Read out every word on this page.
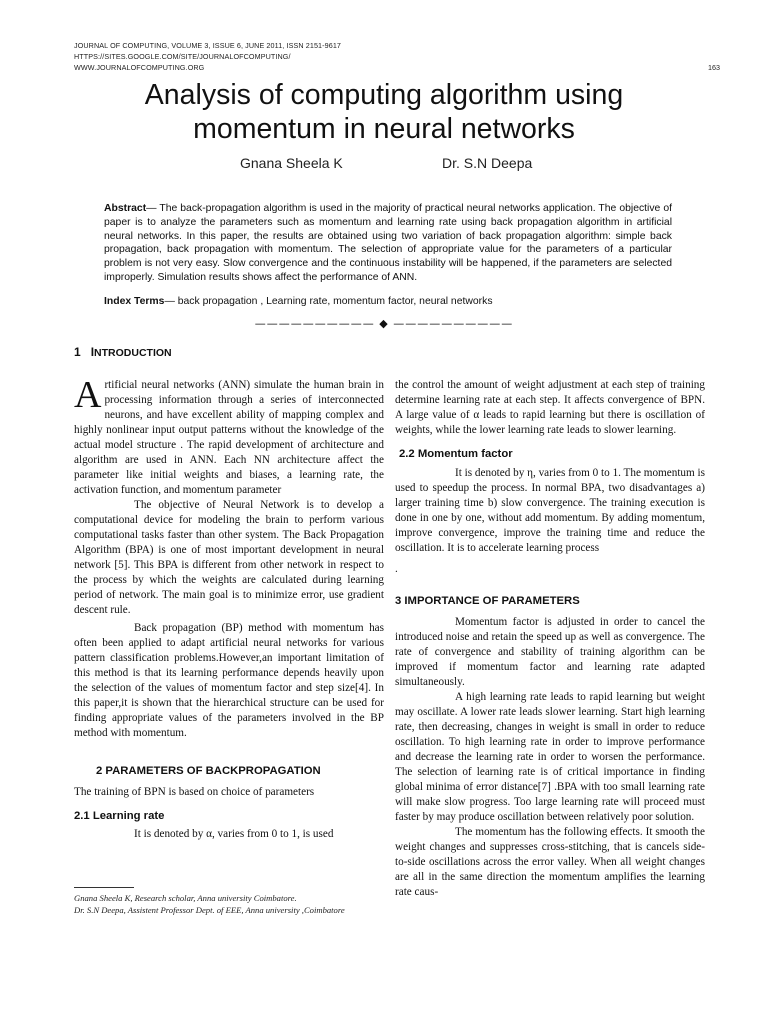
JOURNAL OF COMPUTING, VOLUME 3, ISSUE 6, JUNE 2011, ISSN 2151-9617
HTTPS://SITES.GOOGLE.COM/SITE/JOURNALOFCOMPUTING/
WWW.JOURNALOFCOMPUTING.ORG	163
Analysis of computing algorithm using
momentum in neural networks
Gnana Sheela K	Dr. S.N Deepa

Abstract— The back-propagation algorithm is used in the majority of practical neural networks application. The objective of paper is to analyze the parameters such as momentum and learning rate using back propagation algorithm in artificial neural networks. In this paper, the results are obtained using two variation of back propagation algorithm: simple back propagation, back propagation with momentum. The selection of appropriate value for the parameters of a particular problem is not very easy. Slow convergence and the continuous instability will be happened, if the parameters are selected improperly. Simulation results shows affect the performance of ANN.

Index Terms— back propagation , Learning rate, momentum factor, neural networks

—————————— ◆ ——————————
1 INTRODUCTION

Artificial neural networks (ANN) simulate the human brain in processing information through a series of interconnected neurons, and have excellent ability of mapping complex and highly nonlinear input output patterns without the knowledge of the actual model structure . The rapid development of architecture and algorithm are used in ANN. Each NN architecture affect the parameter like initial weights and biases, a learning rate, the activation function, and momentum parameter

The objective of Neural Network is to develop a computational device for modeling the brain to perform various computational tasks faster than other system. The Back Propagation Algorithm (BPA) is one of most important development in neural network [5]. This BPA is different from other network in respect to the process by which the weights are calculated during learning period of network. The main goal is to minimize error, use gradient descent rule.

Back propagation (BP) method with momentum has often been applied to adapt artificial neural networks for various pattern classification problems.However,an important limitation of this method is that its learning performance depends heavily upon the selection of the values of momentum factor and step size[4]. In this paper,it is shown that the hierarchical structure can be used for finding appropriate values of the parameters involved in the BP method with momentum.

2 PARAMETERS OF BACKPROPAGATION

The training of BPN is based on choice of parameters

2.1 Learning rate

It is denoted by α, varies from 0 to 1, is used

Gnana Sheela K, Research scholar, Anna university Coimbatore.
Dr. S.N Deepa, Assistent Professor Dept. of EEE, Anna university ,Coimbatore

the control the amount of weight adjustment at each step of training determine learning rate at each step. It affects convergence of BPN. A large value of α leads to rapid learning but there is oscillation of weights, while the lower learning rate leads to slower learning.

2.2 Momentum factor

It is denoted by η, varies from 0 to 1. The momentum is used to speedup the process. In normal BPA, two disadvantages a) larger training time b) slow convergence. The training execution is done in one by one, without add momentum. By adding momentum, improve convergence, improve the training time and reduce the oscillation. It is to accelerate learning process

.

3 IMPORTANCE OF PARAMETERS

Momentum factor is adjusted in order to cancel the introduced noise and retain the speed up as well as convergence. The rate of convergence and stability of training algorithm can be improved if momentum factor and learning rate adapted simultaneously.

A high learning rate leads to rapid learning but weight may oscillate. A lower rate leads slower learning. Start high learning rate, then decreasing, changes in weight is small in order to reduce oscillation. To high learning rate in order to improve performance and decrease the learning rate in order to worsen the performance. The selection of learning rate is of critical importance in finding global minima of error distance[7] .BPA with too small learning rate will make slow progress. Too large learning rate will proceed must faster by may produce oscillation between relatively poor solution.

The momentum has the following effects. It smooth the weight changes and suppresses cross-stitching, that is cancels side-to-side oscillations across the error valley. When all weight changes are all in the same direction the momentum amplifies the learning rate caus-
